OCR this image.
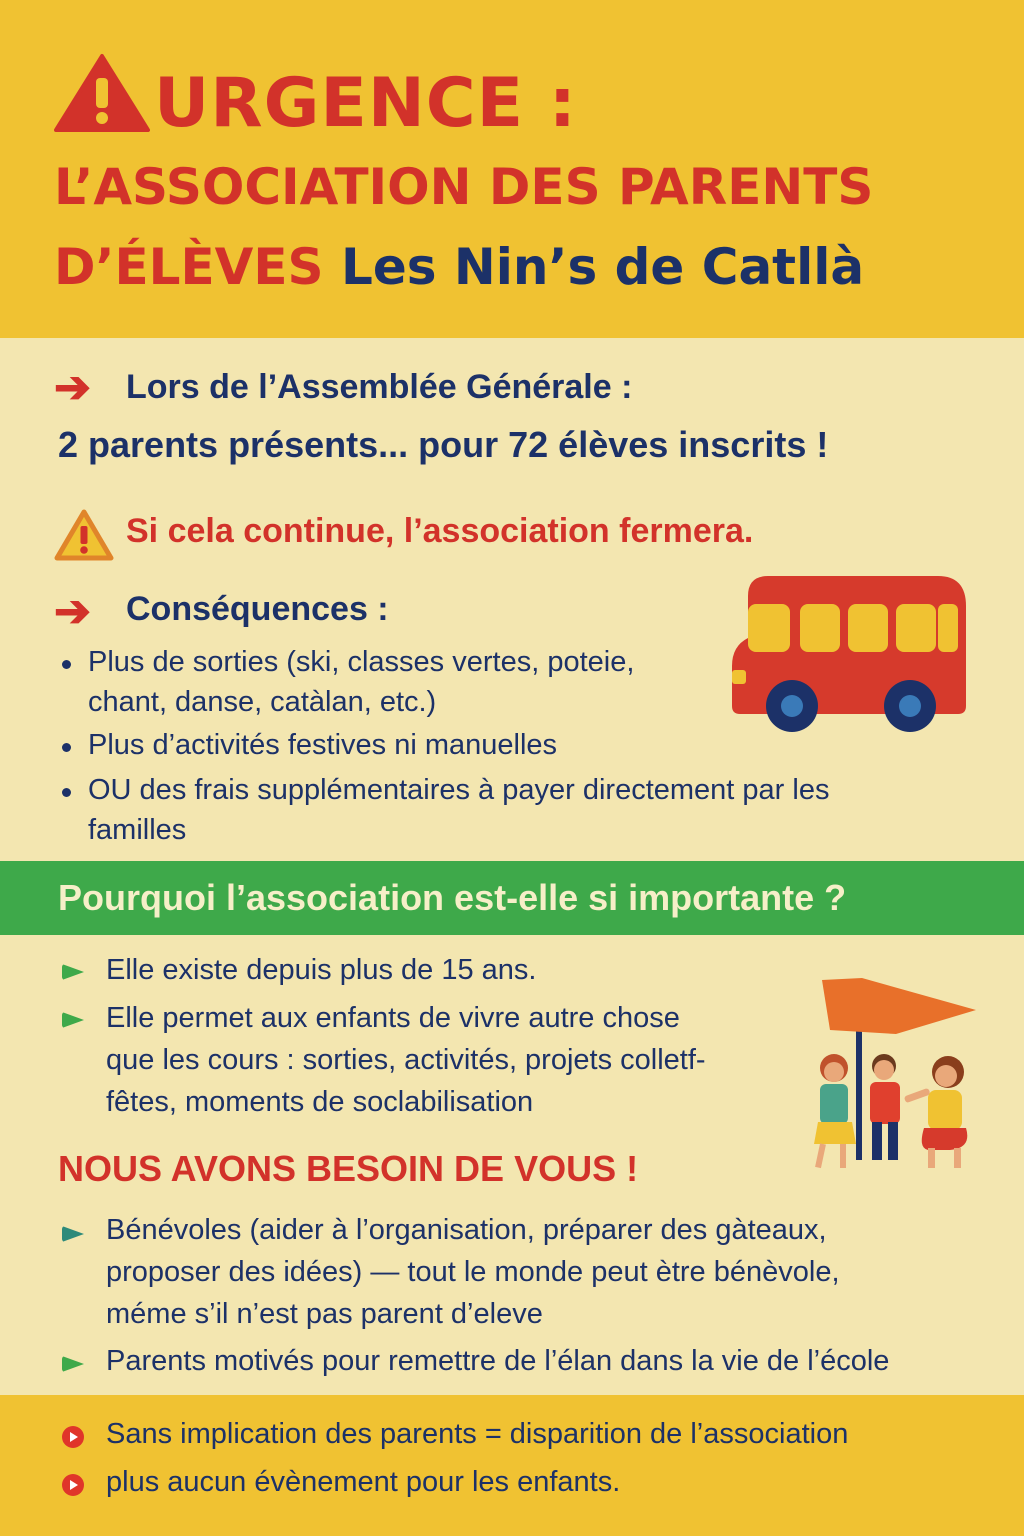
URGENCE :
L’ASSOCIATION DES PARENTS
D’ÉLÈVES Les Nin’s de Catllà
➔ Lors de l’Assemblée Générale :
2 parents présents... pour 72 élèves inscrits !
Si cela continue, l’association fermera.
➔ Conséquences :
Plus de sorties (ski, classes vertes, poteie,
chant, danse, catàlan, etc.)
Plus d’activités festives ni manuelles
OU des frais supplémentaires à payer directement par les
familles
Pourquoi l’association est-elle si importante ?
Elle existe depuis plus de 15 ans.
Elle permet aux enfants de vivre autre chose
que les cours : sorties, activités, projets colletf-
fêtes, moments de soclabilisation
NOUS AVONS BESOIN DE VOUS !
Bénévoles (aider à l’organisation, préparer des gàteaux,
proposer des idées) — tout le monde peut ètre bénèvole,
méme s’il n’est pas parent d’eleve
Parents motivés pour remettre de l’élan dans la vie de l’école
Sans implication des parents = disparition de l’association
plus aucun évènement pour les enfants.
